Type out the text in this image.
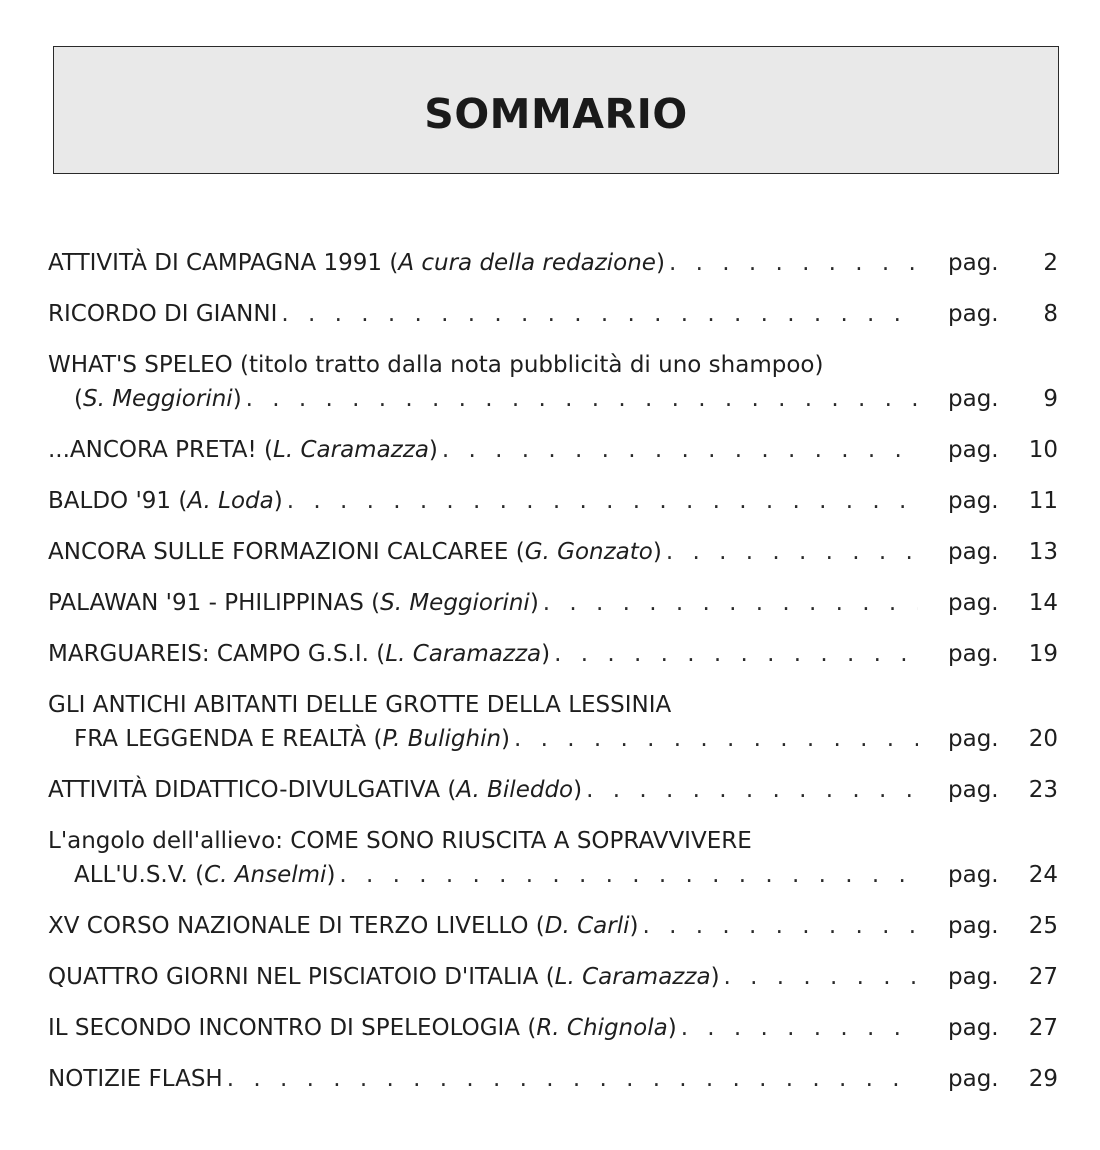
SOMMARIO
ATTIVITÀ DI CAMPAGNA 1991 (A cura della redazione) . . .	pag.	2
RICORDO DI GIANNI . . .	pag.	8
WHAT'S SPELEO (titolo tratto dalla nota pubblicità di uno shampoo)
(S. Meggiorini) . . .	pag.	9
...ANCORA PRETA! (L. Caramazza) . . .	pag.	10
BALDO '91 (A. Loda) . . .	pag.	11
ANCORA SULLE FORMAZIONI CALCAREE (G. Gonzato) . . .	pag.	13
PALAWAN '91 - PHILIPPINAS (S. Meggiorini) . . .	pag.	14
MARGUAREIS: CAMPO G.S.I. (L. Caramazza) . . .	pag.	19
GLI ANTICHI ABITANTI DELLE GROTTE DELLA LESSINIA
FRA LEGGENDA E REALTÀ (P. Bulighin) . . .	pag.	20
ATTIVITÀ DIDATTICO-DIVULGATIVA (A. Bileddo) . . .	pag.	23
L'angolo dell'allievo: COME SONO RIUSCITA A SOPRAVVIVERE
ALL'U.S.V. (C. Anselmi) . . .	pag.	24
XV CORSO NAZIONALE DI TERZO LIVELLO (D. Carli) . . .	pag.	25
QUATTRO GIORNI NEL PISCIATOIO D'ITALIA (L. Caramazza) . . .	pag.	27
IL SECONDO INCONTRO DI SPELEOLOGIA (R. Chignola) . . .	pag.	27
NOTIZIE FLASH . . .	pag.	29
